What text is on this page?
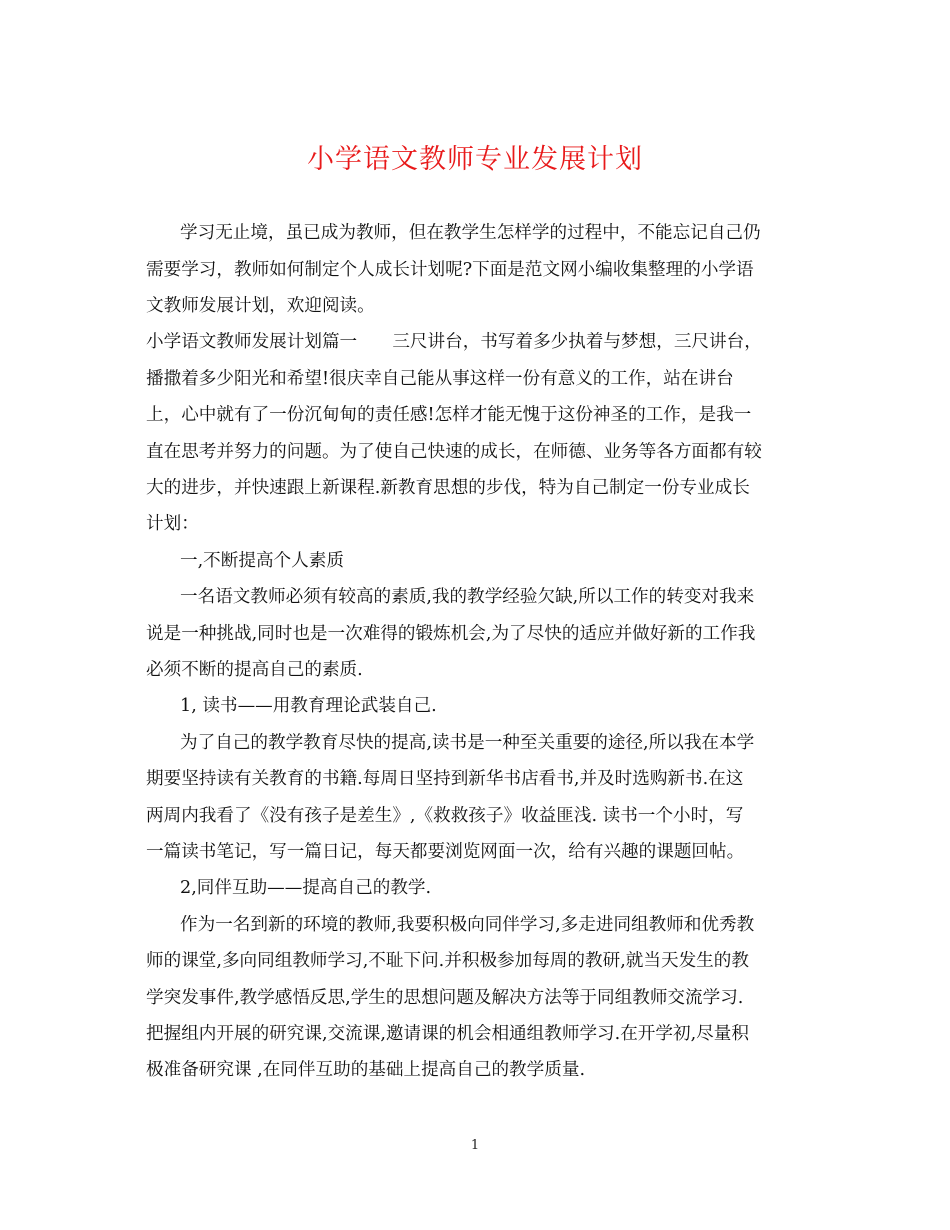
小学语文教师专业发展计划
学习无止境，虽已成为教师，但在教学生怎样学的过程中，不能忘记自己仍
需要学习，教师如何制定个人成长计划呢?下面是范文网小编收集整理的小学语
文教师发展计划，欢迎阅读。
小学语文教师发展计划篇一　　三尺讲台，书写着多少执着与梦想，三尺讲台，
播撒着多少阳光和希望!很庆幸自己能从事这样一份有意义的工作，站在讲台
上，心中就有了一份沉甸甸的责任感!怎样才能无愧于这份神圣的工作，是我一
直在思考并努力的问题。为了使自己快速的成长，在师德、业务等各方面都有较
大的进步，并快速跟上新课程.新教育思想的步伐，特为自己制定一份专业成长
计划：
一,不断提高个人素质
一名语文教师必须有较高的素质,我的教学经验欠缺,所以工作的转变对我来
说是一种挑战,同时也是一次难得的锻炼机会,为了尽快的适应并做好新的工作我
必须不断的提高自己的素质.
1, 读书——用教育理论武装自己.
为了自己的教学教育尽快的提高,读书是一种至关重要的途径,所以我在本学
期要坚持读有关教育的书籍.每周日坚持到新华书店看书,并及时选购新书.在这
两周内我看了《没有孩子是差生》,《救救孩子》收益匪浅. 读书一个小时，写
一篇读书笔记，写一篇日记，每天都要浏览网面一次，给有兴趣的课题回帖。
2,同伴互助——提高自己的教学.
作为一名到新的环境的教师,我要积极向同伴学习,多走进同组教师和优秀教
师的课堂,多向同组教师学习,不耻下问.并积极参加每周的教研,就当天发生的教
学突发事件,教学感悟反思,学生的思想问题及解决方法等于同组教师交流学习.
把握组内开展的研究课,交流课,邀请课的机会相通组教师学习.在开学初,尽量积
极准备研究课 ,在同伴互助的基础上提高自己的教学质量.
1
